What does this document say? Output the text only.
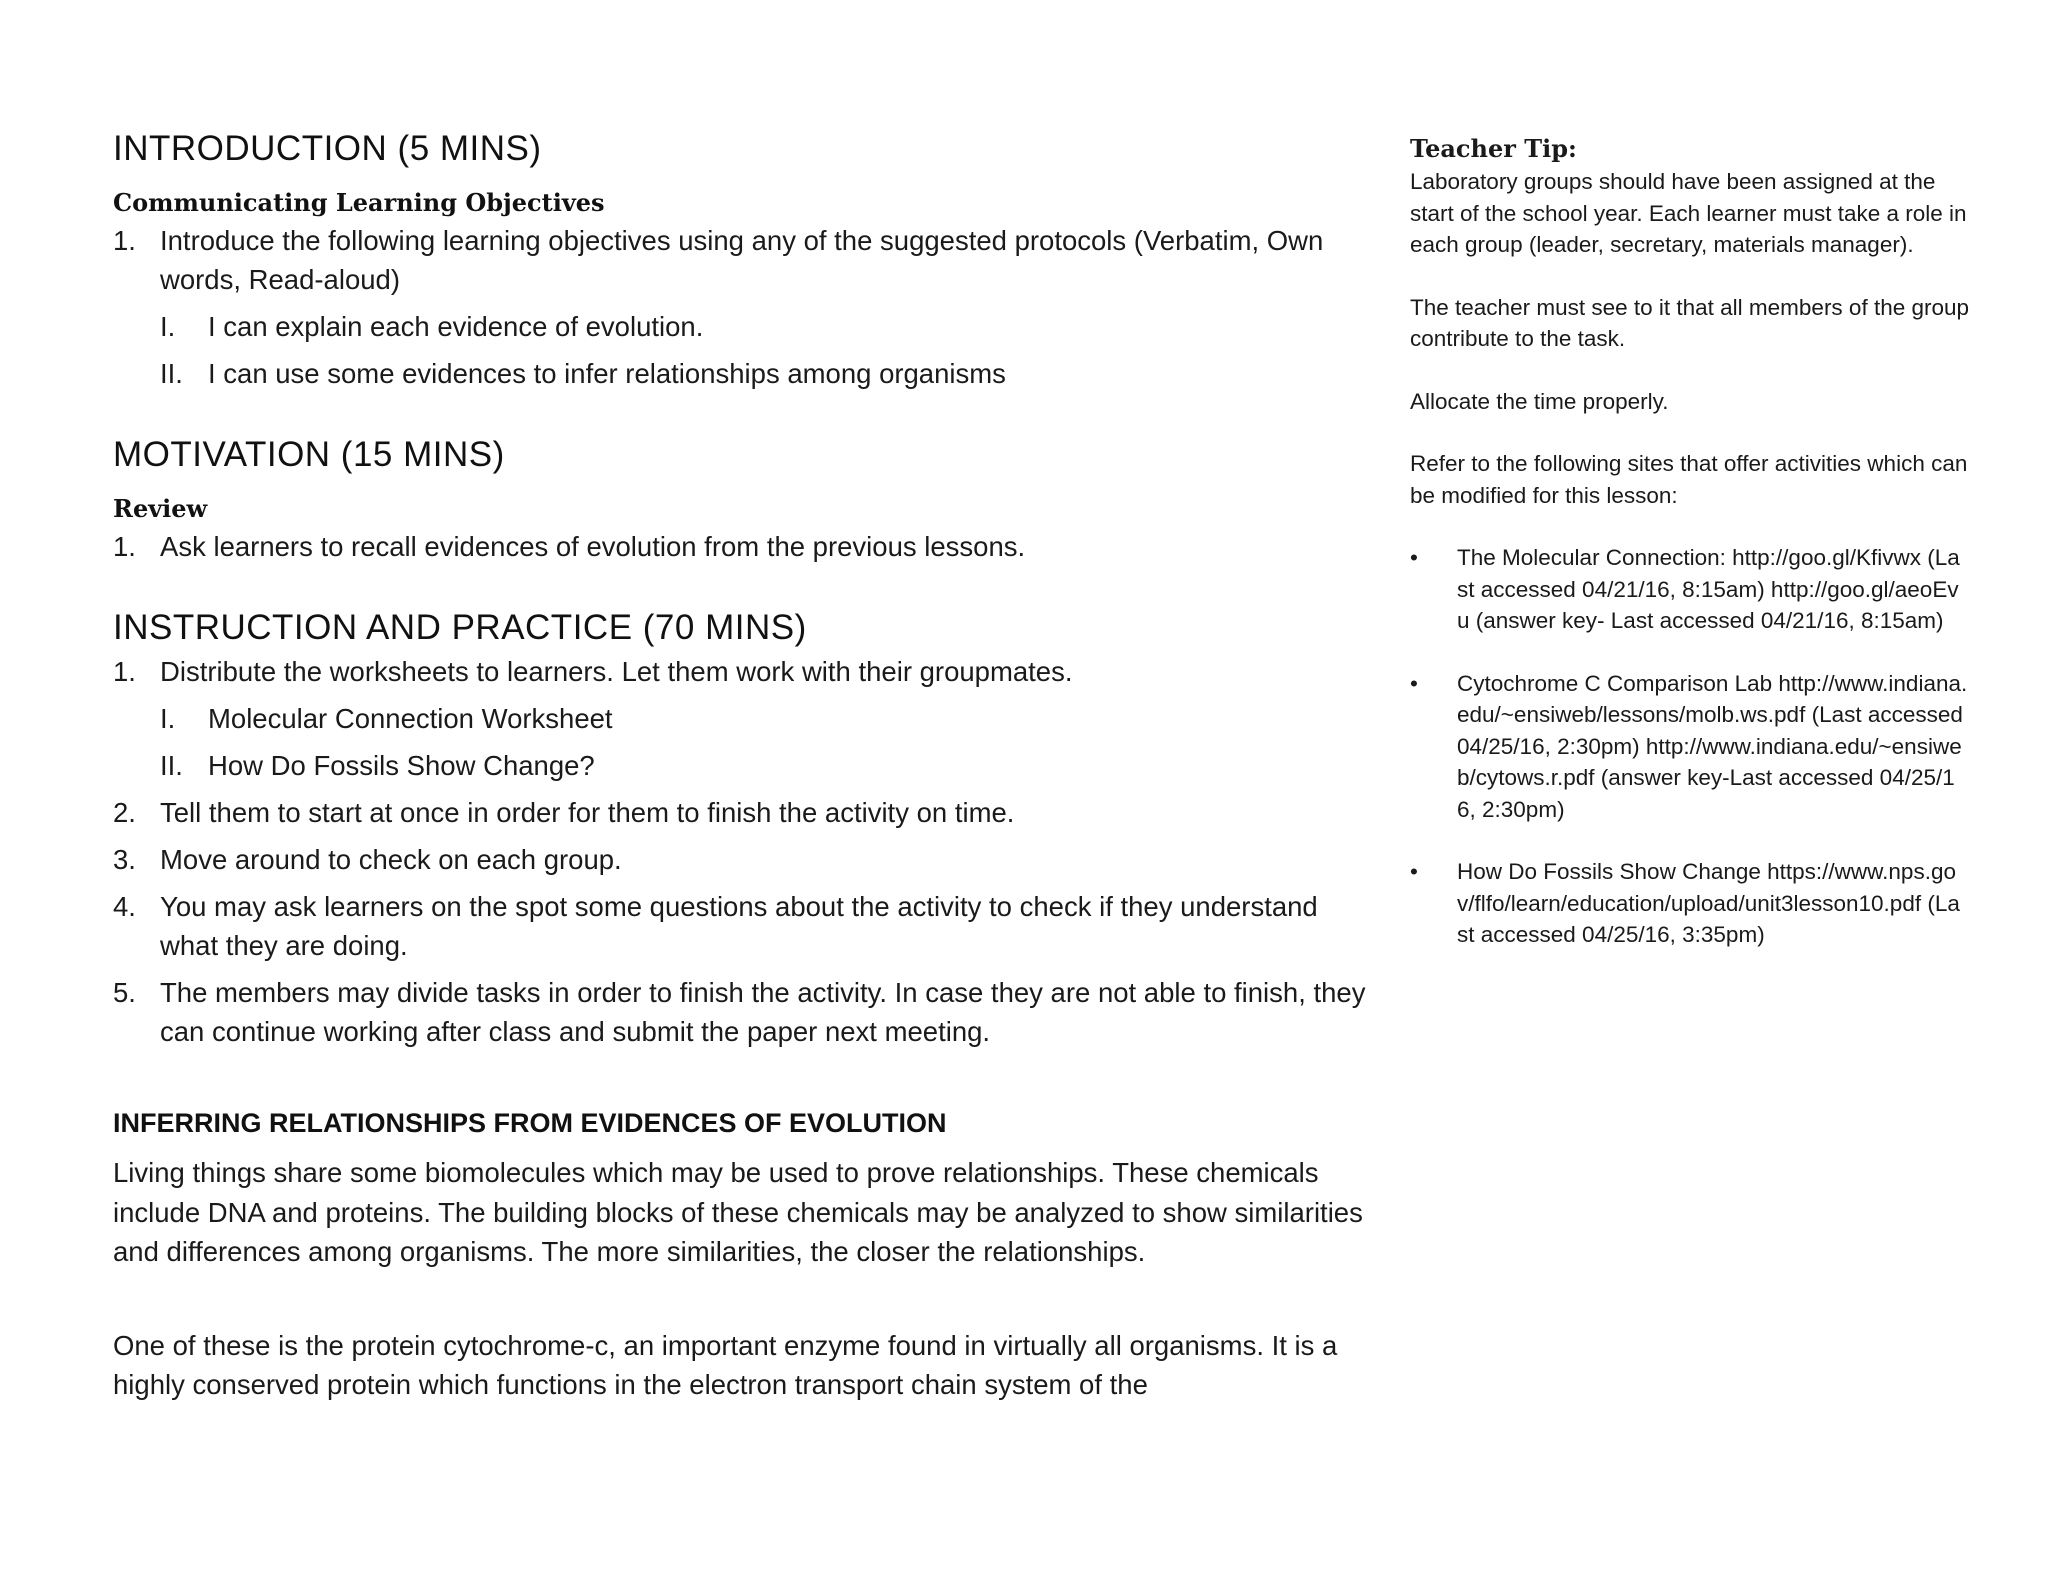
INTRODUCTION (5 MINS)
Communicating Learning Objectives
1. Introduce the following learning objectives using any of the suggested protocols (Verbatim, Own words, Read-aloud)
I. I can explain each evidence of evolution.
II. I can use some evidences to infer relationships among organisms
MOTIVATION (15 MINS)
Review
1. Ask learners to recall evidences of evolution from the previous lessons.
INSTRUCTION AND PRACTICE (70 MINS)
1. Distribute the worksheets to learners. Let them work with their groupmates.
I. Molecular Connection Worksheet
II. How Do Fossils Show Change?
2. Tell them to start at once in order for them to finish the activity on time.
3. Move around to check on each group.
4. You may ask learners on the spot some questions about the activity to check if they understand what they are doing.
5. The members may divide tasks in order to finish the activity. In case they are not able to finish, they can continue working after class and submit the paper next meeting.
INFERRING RELATIONSHIPS FROM EVIDENCES OF EVOLUTION

Living things share some biomolecules which may be used to prove relationships. These chemicals include DNA and proteins. The building blocks of these chemicals may be analyzed to show similarities and differences among organisms. The more similarities, the closer the relationships.

One of these is the protein cytochrome-c, an important enzyme found in virtually all organisms. It is a highly conserved protein which functions in the electron transport chain system of the

Teacher Tip:

Laboratory groups should have been assigned at the start of the school year. Each learner must take a role in each group (leader, secretary, materials manager).

The teacher must see to it that all members of the group contribute to the task.

Allocate the time properly.

Refer to the following sites that offer activities which can be modified for this lesson:

• The Molecular Connection: http://goo.gl/Kfivwx (Last accessed 04/21/16, 8:15am) http://goo.gl/aeoEvu (answer key- Last accessed 04/21/16, 8:15am)
• Cytochrome C Comparison Lab http://www.indiana.edu/~ensiweb/lessons/molb.ws.pdf (Last accessed 04/25/16, 2:30pm) http://www.indiana.edu/~ensiweb/cytows.r.pdf (answer key-Last accessed 04/25/16, 2:30pm)
• How Do Fossils Show Change https://www.nps.gov/flfo/learn/education/upload/unit3lesson10.pdf (Last accessed 04/25/16, 3:35pm)
